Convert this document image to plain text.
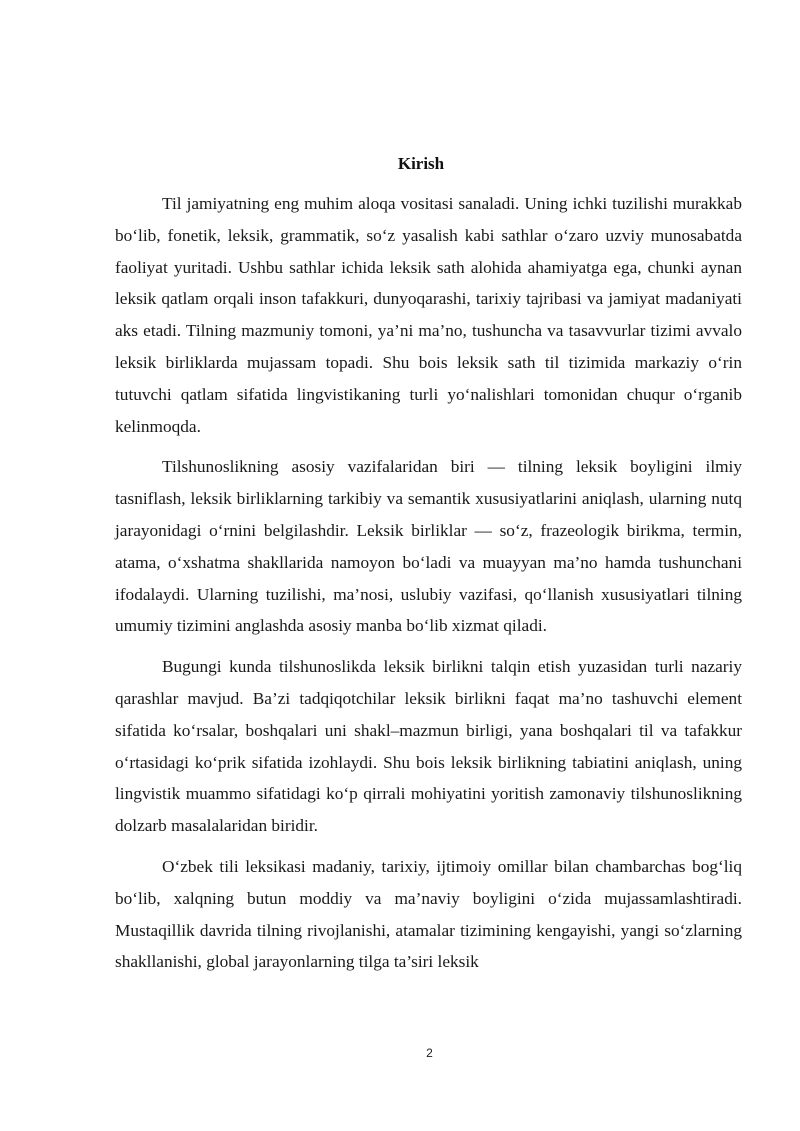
Kirish

Til jamiyatning eng muhim aloqa vositasi sanaladi. Uning ichki tuzilishi murakkab bo‘lib, fonetik, leksik, grammatik, so‘z yasalish kabi sathlar o‘zaro uzviy munosabatda faoliyat yuritadi. Ushbu sathlar ichida leksik sath alohida ahamiyatga ega, chunki aynan leksik qatlam orqali inson tafakkuri, dunyoqarashi, tarixiy tajribasi va jamiyat madaniyati aks etadi. Tilning mazmuniy tomoni, ya’ni ma’no, tushuncha va tasavvurlar tizimi avvalo leksik birliklarda mujassam topadi. Shu bois leksik sath til tizimida markaziy o‘rin tutuvchi qatlam sifatida lingvistikaning turli yo‘nalishlari tomonidan chuqur o‘rganib kelinmoqda.

Tilshunoslikning asosiy vazifalaridan biri — tilning leksik boyligini ilmiy tasniflash, leksik birliklarning tarkibiy va semantik xususiyatlarini aniqlash, ularning nutq jarayonidagi o‘rnini belgilashdir. Leksik birliklar — so‘z, frazeologik birikma, termin, atama, o‘xshatma shakllarida namoyon bo‘ladi va muayyan ma’no hamda tushunchani ifodalaydi. Ularning tuzilishi, ma’nosi, uslubiy vazifasi, qo‘llanish xususiyatlari tilning umumiy tizimini anglashda asosiy manba bo‘lib xizmat qiladi.

Bugungi kunda tilshunoslikda leksik birlikni talqin etish yuzasidan turli nazariy qarashlar mavjud. Ba’zi tadqiqotchilar leksik birlikni faqat ma’no tashuvchi element sifatida ko‘rsalar, boshqalari uni shakl–mazmun birligi, yana boshqalari til va tafakkur o‘rtasidagi ko‘prik sifatida izohlaydi. Shu bois leksik birlikning tabiatini aniqlash, uning lingvistik muammo sifatidagi ko‘p qirrali mohiyatini yoritish zamonaviy tilshunoslikning dolzarb masalalaridan biridir.

O‘zbek tili leksikasi madaniy, tarixiy, ijtimoiy omillar bilan chambarchas bog‘liq bo‘lib, xalqning butun moddiy va ma’naviy boyligini o‘zida mujassamlashtiradi. Mustaqillik davrida tilning rivojlanishi, atamalar tizimining kengayishi, yangi so‘zlarning shakllanishi, global jarayonlarning tilga ta’siri leksik

2
